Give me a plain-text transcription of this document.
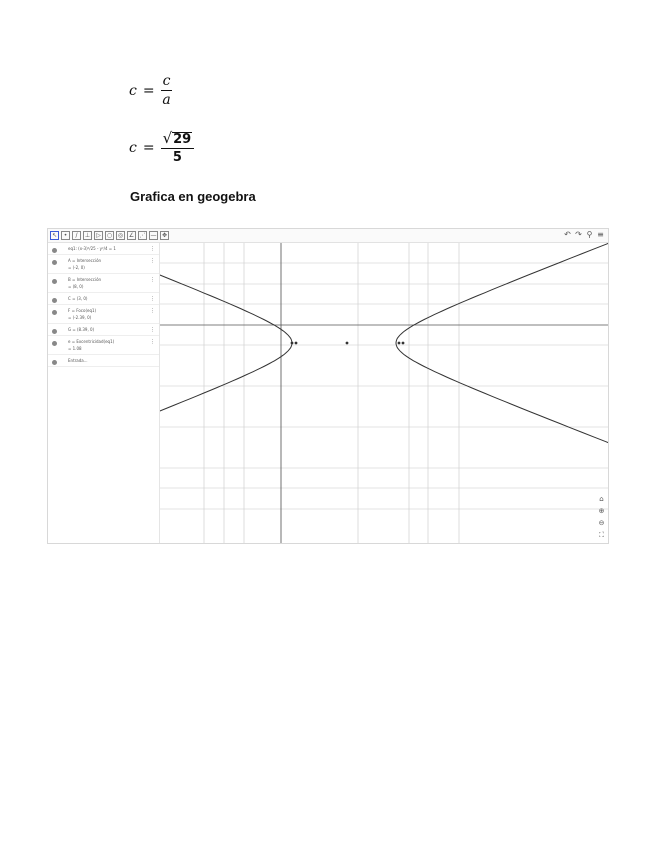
$c = \frac{c}{a}$
$c = \frac{√ 29}{5}$
Grafica en geogebra
↖	•	/	⊥	▷	○ ◎ ∠ ⋰ — ✥	↶ ↷ ⚲ ≡
eq1: (x-3)²/25 - y²/4 = 1	⋮
A = Intersección
= (-2, 0)
⋮
B = Intersección
= (8, 0)
⋮
C = (3, 0)	⋮
F = Foco(eq1)
= (-2.39, 0)
⋮
G = (8.39, 0)	⋮
e = Excentricidad(eq1)
= 1.08
⋮
Entrada...
⌂
⊕
⊖
⛶
